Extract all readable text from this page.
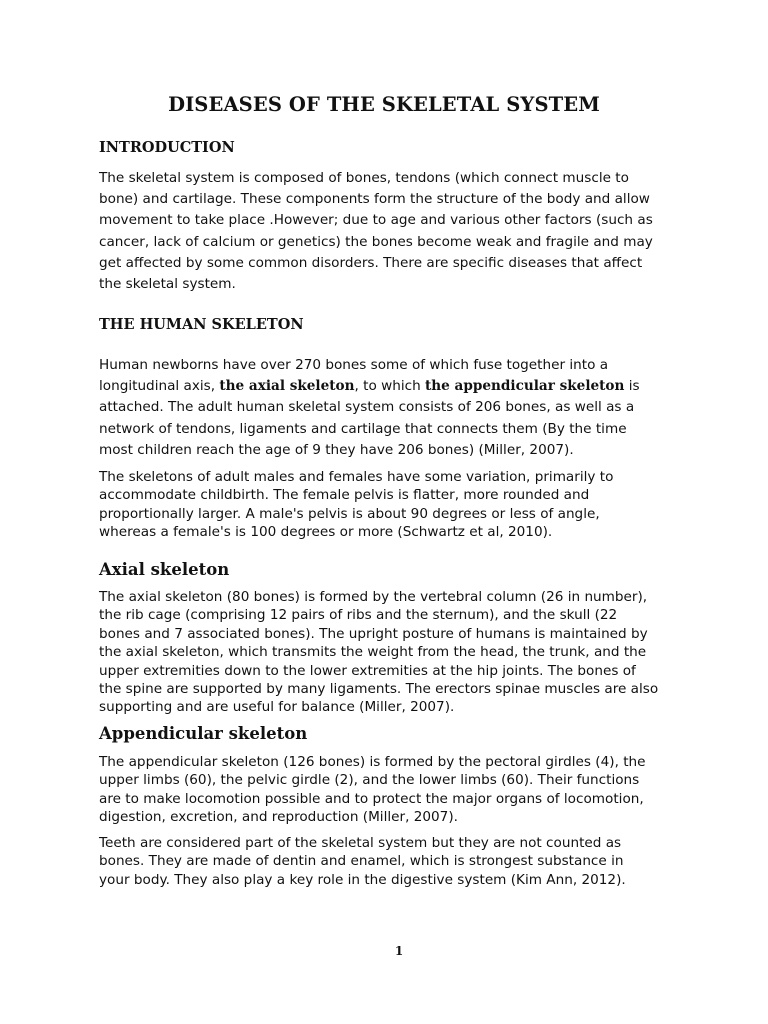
DISEASES OF THE SKELETAL SYSTEM
INTRODUCTION

The skeletal system is composed of bones, tendons (which connect muscle to
bone) and cartilage. These components form the structure of the body and allow
movement to take place .However; due to age and various other factors (such as
cancer, lack of calcium or genetics) the bones become weak and fragile and may
get affected by some common disorders. There are specific diseases that affect
the skeletal system.

THE HUMAN SKELETON

Human newborns have over 270 bones some of which fuse together into a
longitudinal axis, the axial skeleton, to which the appendicular skeleton is
attached. The adult human skeletal system consists of 206 bones, as well as a
network of tendons, ligaments and cartilage that connects them (By the time
most children reach the age of 9 they have 206 bones) (Miller, 2007).

The skeletons of adult males and females have some variation, primarily to
accommodate childbirth. The female pelvis is flatter, more rounded and
proportionally larger. A male's pelvis is about 90 degrees or less of angle,
whereas a female's is 100 degrees or more (Schwartz et al, 2010).

Axial skeleton

The axial skeleton (80 bones) is formed by the vertebral column (26 in number),
the rib cage (comprising 12 pairs of ribs and the sternum), and the skull (22
bones and 7 associated bones). The upright posture of humans is maintained by
the axial skeleton, which transmits the weight from the head, the trunk, and the
upper extremities down to the lower extremities at the hip joints. The bones of
the spine are supported by many ligaments. The erectors spinae muscles are also
supporting and are useful for balance (Miller, 2007).

Appendicular skeleton

The appendicular skeleton (126 bones) is formed by the pectoral girdles (4), the
upper limbs (60), the pelvic girdle (2), and the lower limbs (60). Their functions
are to make locomotion possible and to protect the major organs of locomotion,
digestion, excretion, and reproduction (Miller, 2007).

Teeth are considered part of the skeletal system but they are not counted as
bones. They are made of dentin and enamel, which is strongest substance in
your body. They also play a key role in the digestive system (Kim Ann, 2012).

1
